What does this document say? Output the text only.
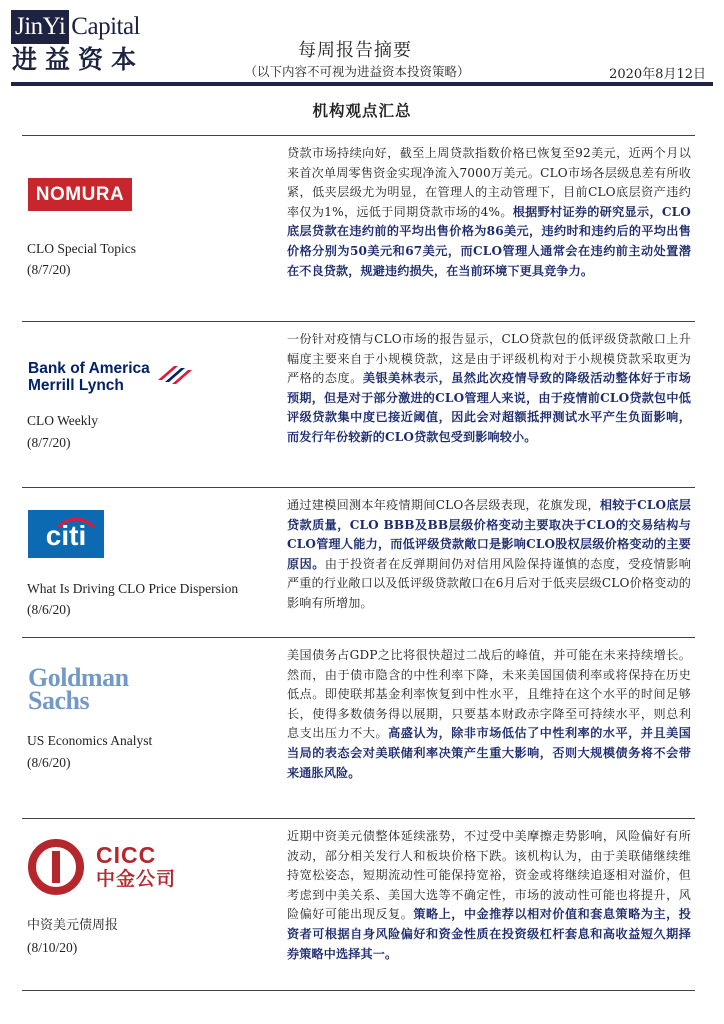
JinYi Capital
进益资本	每周报告摘要
（以下内容不可视为进益资本投资策略）	2020年8月12日
机构观点汇总
NOMURA
CLO Special Topics
(8/7/20)
贷款市场持续向好，截至上周贷款指数价格已恢复至92美元，近两个月以来首次单周零售资金实现净流入7000万美元。CLO市场各层级息差有所收紧，低夹层级尤为明显，在管理人的主动管理下，目前CLO底层资产违约率仅为1%，远低于同期贷款市场的4%。根据野村证券的研究显示，CLO底层贷款在违约前的平均出售价格为86美元，违约时和违约后的平均出售价格分别为50美元和67美元，而CLO管理人通常会在违约前主动处置潜在不良贷款，规避违约损失，在当前环境下更具竞争力。
Bank of America
Merrill Lynch
CLO Weekly
(8/7/20)
一份针对疫情与CLO市场的报告显示，CLO贷款包的低评级贷款敞口上升幅度主要来自于小规模贷款，这是由于评级机构对于小规模贷款采取更为严格的态度。美银美林表示，虽然此次疫情导致的降级活动整体好于市场预期，但是对于部分激进的CLO管理人来说，由于疫情前CLO贷款包中低评级贷款集中度已接近阈值，因此会对超额抵押测试水平产生负面影响，而发行年份较新的CLO贷款包受到影响较小。
citi
What Is Driving CLO Price Dispersion
(8/6/20)
通过建模回测本年疫情期间CLO各层级表现，花旗发现，相较于CLO底层贷款质量，CLO BBB及BB层级价格变动主要取决于CLO的交易结构与CLO管理人能力，而低评级贷款敞口是影响CLO股权层级价格变动的主要原因。由于投资者在反弹期间仍对信用风险保持谨慎的态度，受疫情影响严重的行业敞口以及低评级贷款敞口在6月后对于低夹层级CLO价格变动的影响有所增加。
Goldman
Sachs
US Economics Analyst
(8/6/20)
美国债务占GDP之比将很快超过二战后的峰值，并可能在未来持续增长。然而，由于债市隐含的中性利率下降，未来美国国债利率或将保持在历史低点。即使联邦基金利率恢复到中性水平，且维持在这个水平的时间足够长，使得多数债务得以展期，只要基本财政赤字降至可持续水平，则总利息支出压力不大。高盛认为，除非市场低估了中性利率的水平，并且美国当局的表态会对美联储利率决策产生重大影响，否则大规模债务将不会带来通胀风险。
CICC
中金公司
中资美元债周报
(8/10/20)
近期中资美元债整体延续涨势，不过受中美摩擦走势影响，风险偏好有所波动，部分相关发行人和板块价格下跌。该机构认为，由于美联储继续维持宽松姿态，短期流动性可能保持宽裕，资金或将继续追逐相对溢价，但考虑到中美关系、美国大选等不确定性，市场的波动性可能也将提升，风险偏好可能出现反复。策略上，中金推荐以相对价值和套息策略为主，投资者可根据自身风险偏好和资金性质在投资级杠杆套息和高收益短久期择券策略中选择其一。
